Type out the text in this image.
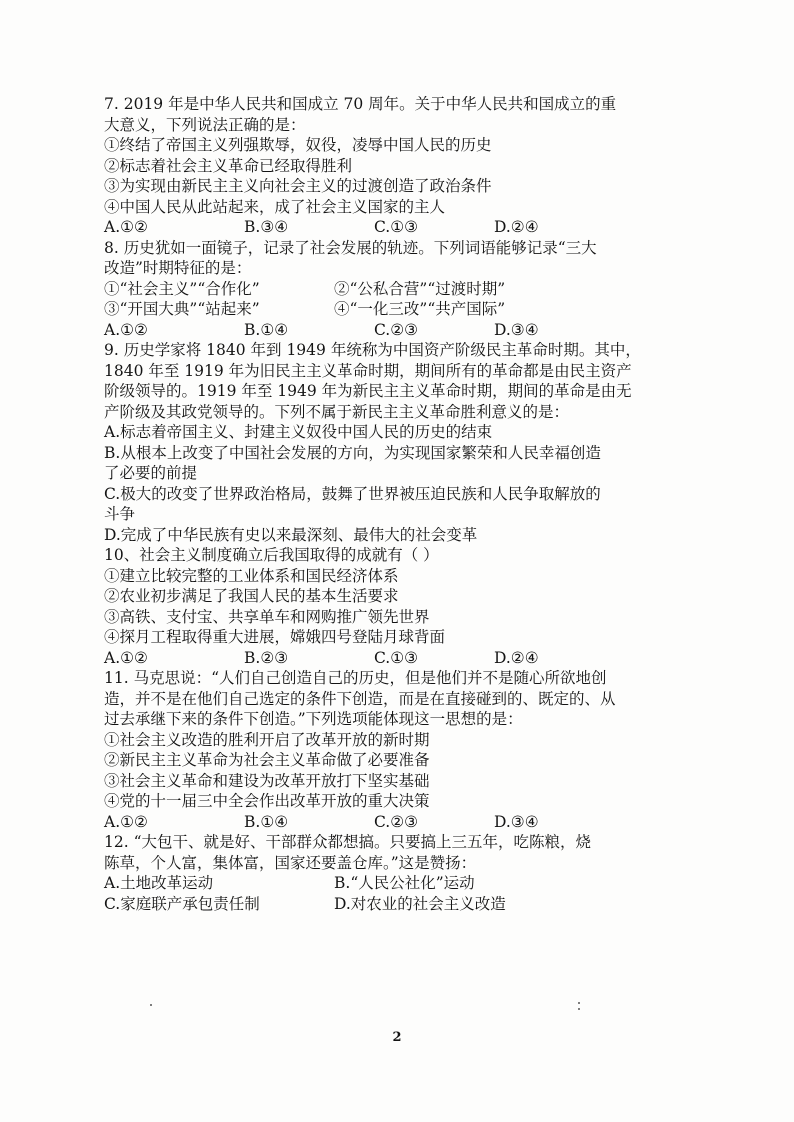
7. 2019 年是中华人民共和国成立 70 周年。关于中华人民共和国成立的重
大意义，下列说法正确的是：
①终结了帝国主义列强欺辱，奴役，凌辱中国人民的历史
②标志着社会主义革命已经取得胜利
③为实现由新民主主义向社会主义的过渡创造了政治条件
④中国人民从此站起来，成了社会主义国家的主人
A.①②	B.③④	C.①③	D.②④
8. 历史犹如一面镜子，记录了社会发展的轨迹。下列词语能够记录“三大
改造”时期特征的是：
①“社会主义”“合作化”	②“公私合营”“过渡时期”
③“开国大典”“站起来”	④“一化三改”“共产国际”
A.①②	B.①④	C.②③	D.③④
9. 历史学家将 1840 年到 1949 年统称为中国资产阶级民主革命时期。其中，
1840 年至 1919 年为旧民主主义革命时期，期间所有的革命都是由民主资产
阶级领导的。1919 年至 1949 年为新民主主义革命时期，期间的革命是由无
产阶级及其政党领导的。下列不属于新民主主义革命胜利意义的是：
A.标志着帝国主义、封建主义奴役中国人民的历史的结束
B.从根本上改变了中国社会发展的方向，为实现国家繁荣和人民幸福创造
了必要的前提
C.极大的改变了世界政治格局，鼓舞了世界被压迫民族和人民争取解放的
斗争
D.完成了中华民族有史以来最深刻、最伟大的社会变革
10、社会主义制度确立后我国取得的成就有（ ）
①建立比较完整的工业体系和国民经济体系
②农业初步满足了我国人民的基本生活要求
③高铁、支付宝、共享单车和网购推广领先世界
④探月工程取得重大进展，嫦娥四号登陆月球背面
A.①②	B.②③	C.①③	D.②④
11. 马克思说：“人们自己创造自己的历史，但是他们并不是随心所欲地创
造，并不是在他们自己选定的条件下创造，而是在直接碰到的、既定的、从
过去承继下来的条件下创造。”下列选项能体现这一思想的是：
①社会主义改造的胜利开启了改革开放的新时期
②新民主主义革命为社会主义革命做了必要准备
③社会主义革命和建设为改革开放打下坚实基础
④党的十一届三中全会作出改革开放的重大决策
A.①②	B.①④	C.②③	D.③④
12. “大包干、就是好、干部群众都想搞。只要搞上三五年，吃陈粮，烧
陈草，个人富，集体富，国家还要盖仓库。”这是赞扬：
A.土地改革运动	B.“人民公社化”运动
C.家庭联产承包责任制	D.对农业的社会主义改造
2
